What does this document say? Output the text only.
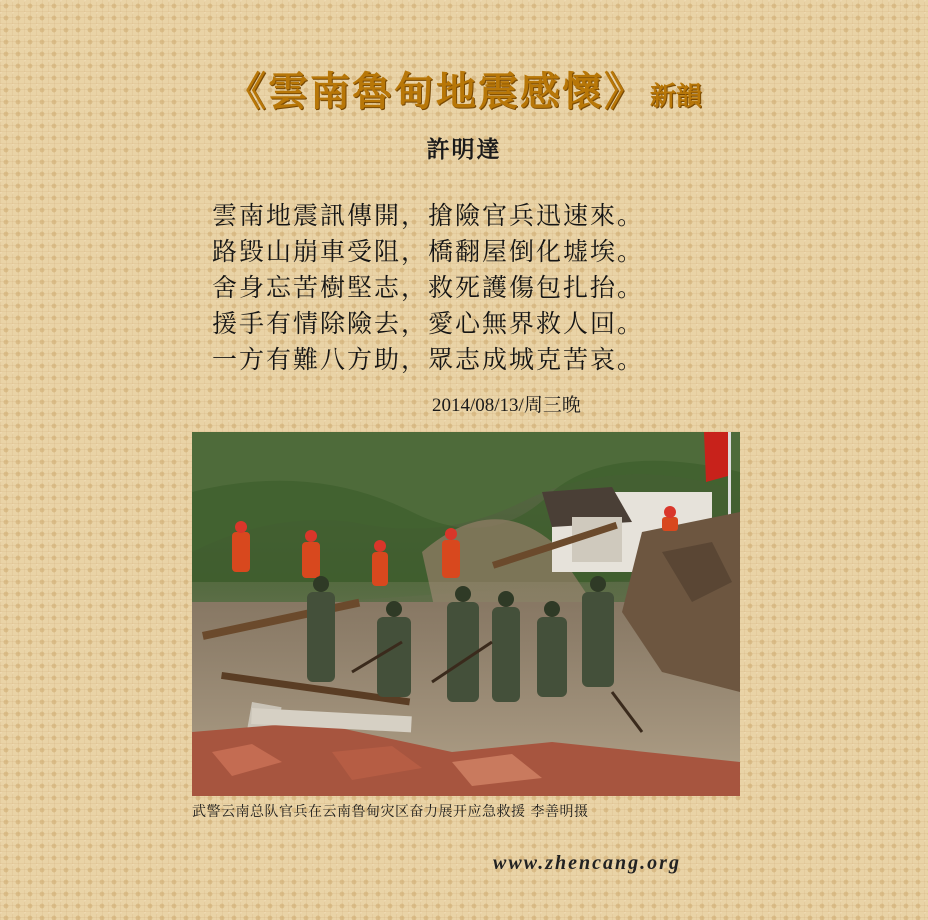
《雲南魯甸地震感懷》 新韻
許明達
雲南地震訊傳開，搶險官兵迅速來。
路毀山崩車受阻，橋翻屋倒化墟埃。
舍身忘苦樹堅志，救死護傷包扎抬。
援手有情除險去，愛心無界救人回。
一方有難八方助，眾志成城克苦哀。
2014/08/13/周三晚
武警云南总队官兵在云南鲁甸灾区奋力展开应急救援 李善明摄
www.zhencang.org
